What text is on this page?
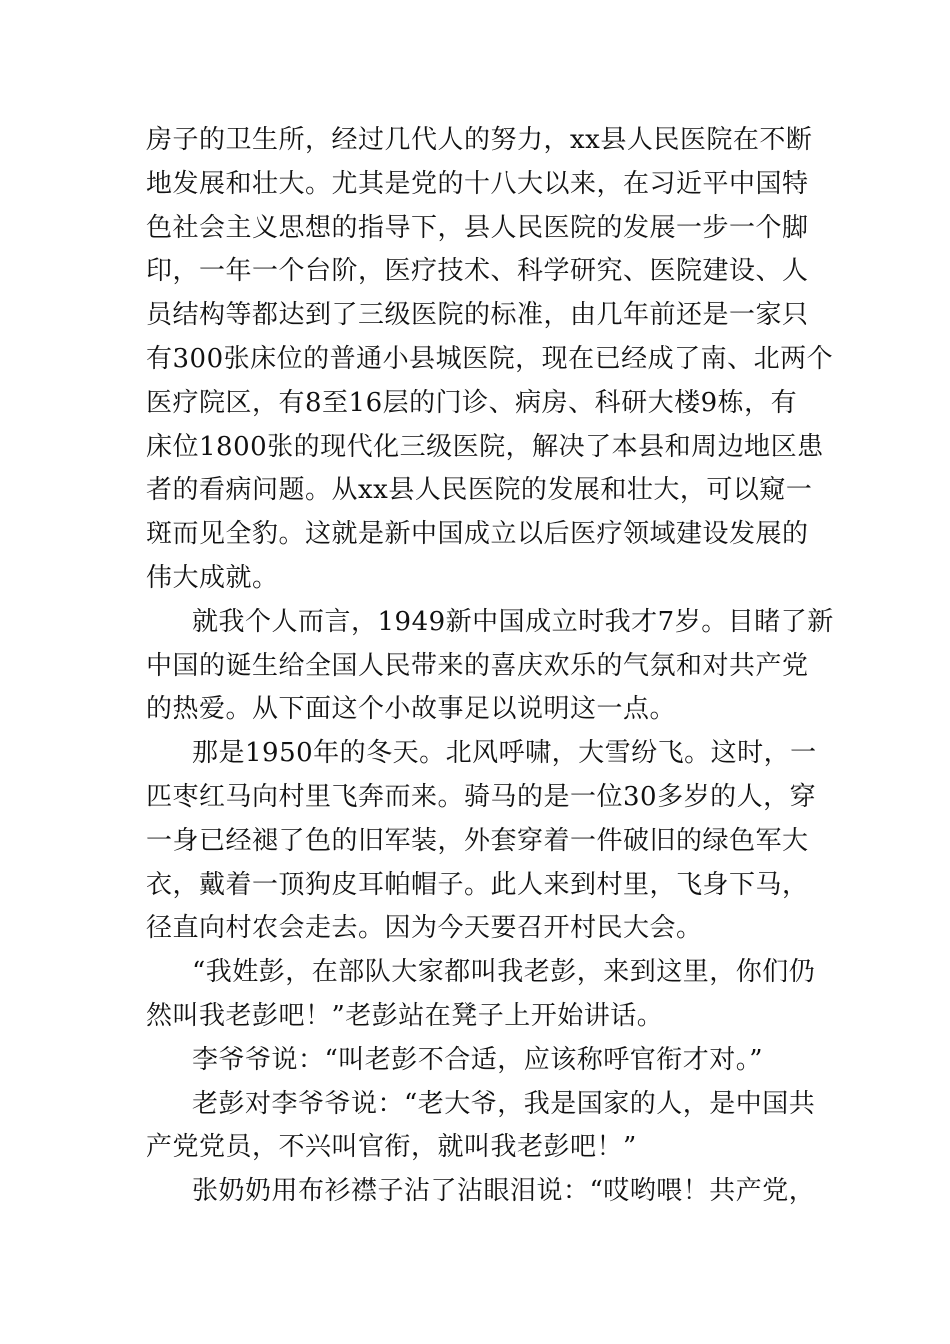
房子的卫生所，经过几代人的努力，xx县人民医院在不断
地发展和壮大。尤其是党的十八大以来，在习近平中国特
色社会主义思想的指导下，县人民医院的发展一步一个脚
印，一年一个台阶，医疗技术、科学研究、医院建设、人
员结构等都达到了三级医院的标准，由几年前还是一家只
有300张床位的普通小县城医院，现在已经成了南、北两个
医疗院区，有8至16层的门诊、病房、科研大楼9栋，有
床位1800张的现代化三级医院，解决了本县和周边地区患
者的看病问题。从xx县人民医院的发展和壮大，可以窥一
斑而见全豹。这就是新中国成立以后医疗领域建设发展的
伟大成就。
就我个人而言，1949新中国成立时我才7岁。目睹了新
中国的诞生给全国人民带来的喜庆欢乐的气氛和对共产党
的热爱。从下面这个小故事足以说明这一点。
那是1950年的冬天。北风呼啸，大雪纷飞。这时，一
匹枣红马向村里飞奔而来。骑马的是一位30多岁的人，穿
一身已经褪了色的旧军装，外套穿着一件破旧的绿色军大
衣，戴着一顶狗皮耳帕帽子。此人来到村里，飞身下马，
径直向村农会走去。因为今天要召开村民大会。
“我姓彭，在部队大家都叫我老彭，来到这里，你们仍
然叫我老彭吧！”老彭站在凳子上开始讲话。
李爷爷说：“叫老彭不合适，应该称呼官衔才对。”
老彭对李爷爷说：“老大爷，我是国家的人，是中国共
产党党员，不兴叫官衔，就叫我老彭吧！”
张奶奶用布衫襟子沾了沾眼泪说：“哎哟喂！共产党，
